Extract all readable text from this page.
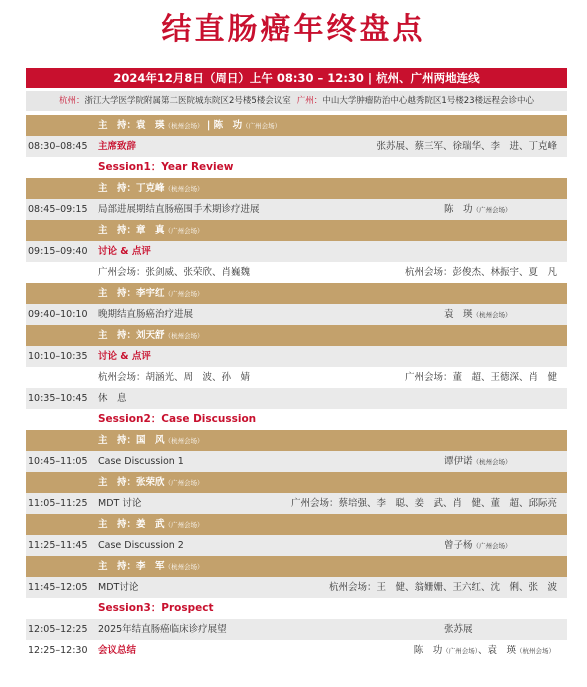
结直肠癌年终盘点
2024年12月8日（周日）上午 08:30 – 12:30 | 杭州、广州两地连线
杭州：浙江大学医学院附属第二医院城东院区2号楼5楼会议室 广州：中山大学肿瘤防治中心越秀院区1号楼23楼远程会诊中心
主　持：袁　瑛（杭州会场） | 陈　功（广州会场）
08:30–08:45 主席致辞	张苏展、蔡三军、徐瑞华、李　进、丁克峰
Session1：Year Review
主　持：丁克峰（杭州会场）
08:45–09:15 局部进展期结直肠癌围手术期诊疗进展	陈　功（广州会场）
主　持：章　真（广州会场）
09:15–09:40 讨论 & 点评
广州会场：张剑威、张荣欣、肖巍魏	杭州会场：彭俊杰、林振宇、夏　凡
主　持：李宇红（广州会场）
09:40–10:10 晚期结直肠癌治疗进展	袁　瑛（杭州会场）
主　持：刘天舒（杭州会场）
10:10–10:35 讨论 & 点评
杭州会场：胡涵光、周　波、孙　婧	广州会场：董　超、王德深、肖　健
10:35–10:45 休　息
Session2：Case Discussion
主　持：国　风（杭州会场）
10:45–11:05 Case Discussion 1	谭伊诺（杭州会场）
主　持：张荣欣（广州会场）
11:05–11:25 MDT 讨论	广州会场：蔡培强、李　聪、姜　武、肖　健、董　超、邱际亮
主　持：姜　武（广州会场）
11:25–11:45 Case Discussion 2	曾子杨（广州会场）
主　持：李　军（杭州会场）
11:45–12:05 MDT讨论	杭州会场：王　健、翁姗姗、王六红、沈　俐、张　波
Session3：Prospect
12:05–12:25 2025年结直肠癌临床诊疗展望	张苏展
12:25–12:30 会议总结	陈　功（广州会场）、袁　瑛（杭州会场）
